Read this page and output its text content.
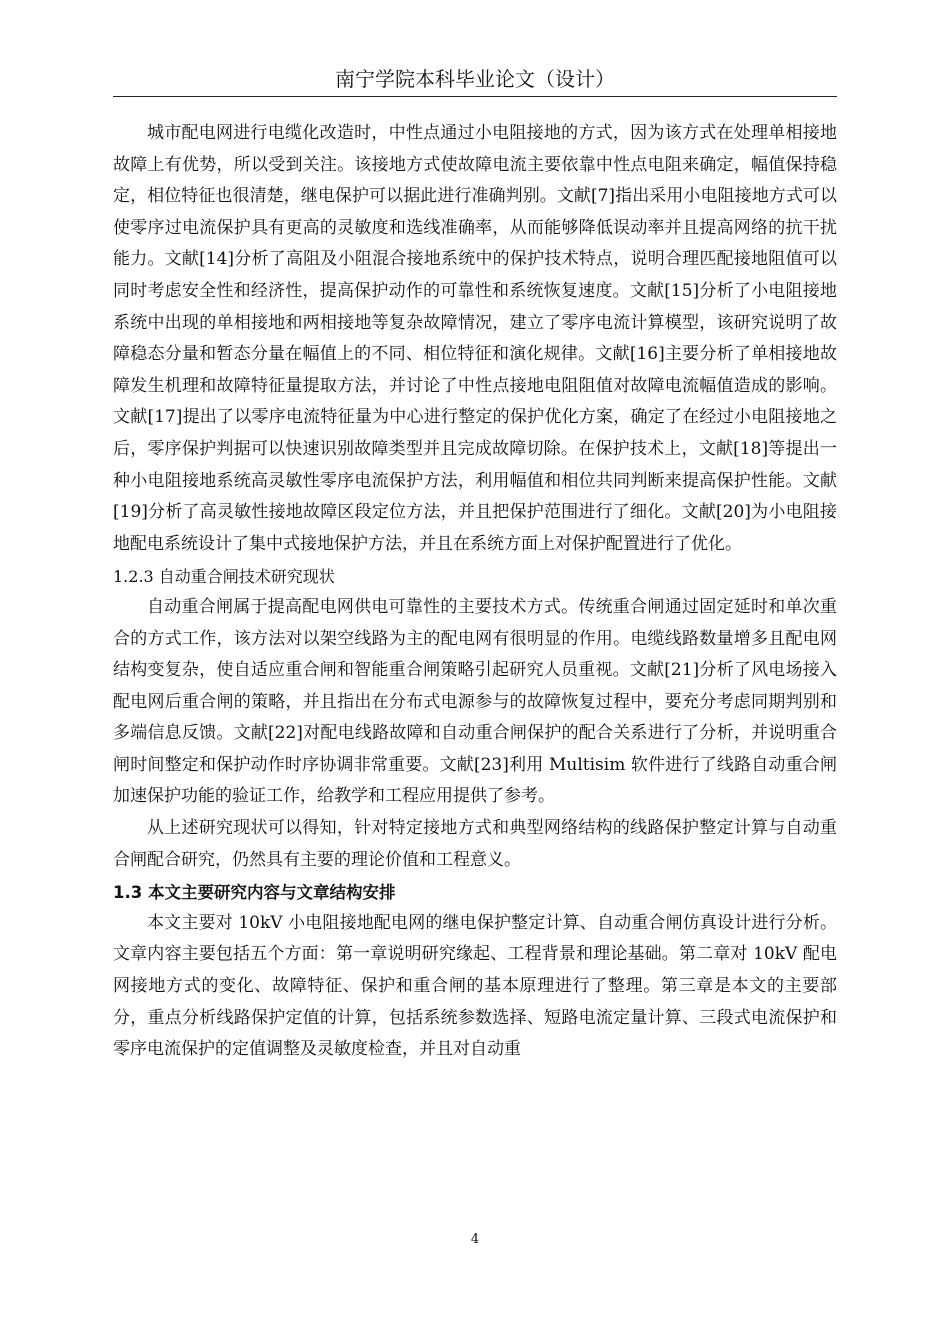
南宁学院本科毕业论文（设计）

城市配电网进行电缆化改造时，中性点通过小电阻接地的方式，因为该方式在处理单相接地故障上有优势，所以受到关注。该接地方式使故障电流主要依靠中性点电阻来确定，幅值保持稳定，相位特征也很清楚，继电保护可以据此进行准确判别。文献[7]指出采用小电阻接地方式可以使零序过电流保护具有更高的灵敏度和选线准确率，从而能够降低误动率并且提高网络的抗干扰能力。文献[14]分析了高阻及小阻混合接地系统中的保护技术特点，说明合理匹配接地阻值可以同时考虑安全性和经济性，提高保护动作的可靠性和系统恢复速度。文献[15]分析了小电阻接地系统中出现的单相接地和两相接地等复杂故障情况，建立了零序电流计算模型，该研究说明了故障稳态分量和暂态分量在幅值上的不同、相位特征和演化规律。文献[16]主要分析了单相接地故障发生机理和故障特征量提取方法，并讨论了中性点接地电阻阻值对故障电流幅值造成的影响。文献[17]提出了以零序电流特征量为中心进行整定的保护优化方案，确定了在经过小电阻接地之后，零序保护判据可以快速识别故障类型并且完成故障切除。在保护技术上，文献[18]等提出一种小电阻接地系统高灵敏性零序电流保护方法，利用幅值和相位共同判断来提高保护性能。文献[19]分析了高灵敏性接地故障区段定位方法，并且把保护范围进行了细化。文献[20]为小电阻接地配电系统设计了集中式接地保护方法，并且在系统方面上对保护配置进行了优化。

1.2.3 自动重合闸技术研究现状

自动重合闸属于提高配电网供电可靠性的主要技术方式。传统重合闸通过固定延时和单次重合的方式工作，该方法对以架空线路为主的配电网有很明显的作用。电缆线路数量增多且配电网结构变复杂，使自适应重合闸和智能重合闸策略引起研究人员重视。文献[21]分析了风电场接入配电网后重合闸的策略，并且指出在分布式电源参与的故障恢复过程中，要充分考虑同期判别和多端信息反馈。文献[22]对配电线路故障和自动重合闸保护的配合关系进行了分析，并说明重合闸时间整定和保护动作时序协调非常重要。文献[23]利用 Multisim 软件进行了线路自动重合闸加速保护功能的验证工作，给教学和工程应用提供了参考。

从上述研究现状可以得知，针对特定接地方式和典型网络结构的线路保护整定计算与自动重合闸配合研究，仍然具有主要的理论价值和工程意义。

1.3 本文主要研究内容与文章结构安排

本文主要对 10kV 小电阻接地配电网的继电保护整定计算、自动重合闸仿真设计进行分析。文章内容主要包括五个方面：第一章说明研究缘起、工程背景和理论基础。第二章对 10kV 配电网接地方式的变化、故障特征、保护和重合闸的基本原理进行了整理。第三章是本文的主要部分，重点分析线路保护定值的计算，包括系统参数选择、短路电流定量计算、三段式电流保护和零序电流保护的定值调整及灵敏度检查，并且对自动重

4
